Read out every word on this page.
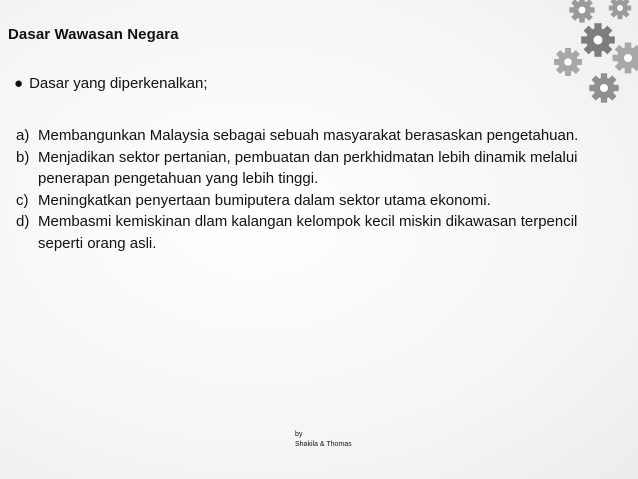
Dasar Wawasan Negara
● Dasar yang diperkenalkan;
a) Membangunkan Malaysia sebagai sebuah masyarakat berasaskan pengetahuan.
b) Menjadikan sektor pertanian, pembuatan dan perkhidmatan lebih dinamik melalui penerapan pengetahuan yang lebih tinggi.
c) Meningkatkan penyertaan bumiputera dalam sektor utama ekonomi.
d) Membasmi kemiskinan dlam kalangan kelompok kecil miskin dikawasan terpencil seperti orang asli.
by
Shakila & Thomas
